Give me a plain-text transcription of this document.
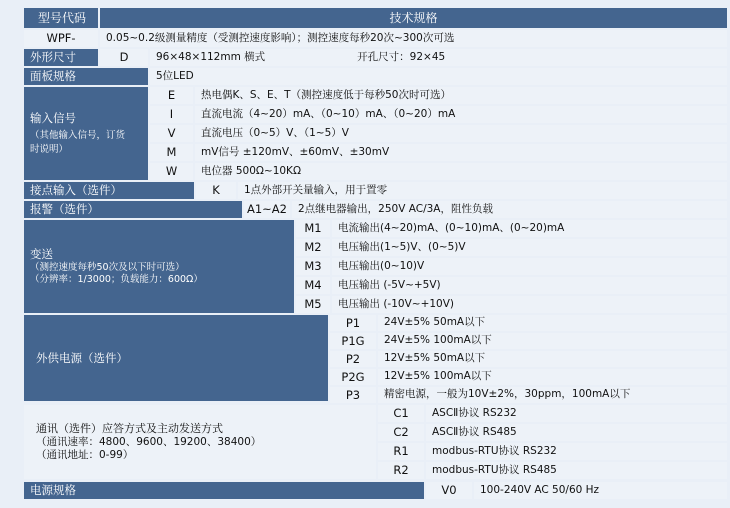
型号代码	技术规格
WPF-	0.05~0.2级测量精度（受测控速度影响）；测控速度每秒20次~300次可选
外形尺寸	D	96×48×112mm 横式	开孔尺寸：92×45
面板规格	5位LED
输入信号
（其他输入信号，订货时说明）
E	热电偶K、S、E、T（测控速度低于每秒50次时可选）
I	直流电流（4~20）mA、（0~10）mA、（0~20）mA
V	直流电压（0~5）V、（1~5）V
M	mV信号 ±120mV、±60mV、±30mV
W	电位器 500Ω~10KΩ
接点输入（选件）	K	1点外部开关量输入，用于置零
报警（选件）	A1~A2	2点继电器输出，250V AC/3A，阻性负载
变送
（测控速度每秒50次及以下时可选）
（分辨率：1/3000；负载能力：600Ω）
M1	电流输出(4~20)mA、(0~10)mA、(0~20)mA
M2	电压输出(1~5)V、(0~5)V
M3	电压输出(0~10)V
M4	电压输出 (-5V~+5V)
M5	电压输出 (-10V~+10V)
外供电源（选件）
P1	24V±5% 50mA以下
P1G	24V±5% 100mA以下
P2	12V±5% 50mA以下
P2G	12V±5% 100mA以下
P3	精密电源，一般为10V±2%，30ppm，100mA以下
通讯（选件）应答方式及主动发送方式
（通讯速率：4800、9600、19200、38400）
（通讯地址：0-99）
C1	ASCⅡ协议 RS232
C2	ASCⅡ协议 RS485
R1	modbus-RTU协议 RS232
R2	modbus-RTU协议 RS485
电源规格	V0	100-240V AC 50/60 Hz
